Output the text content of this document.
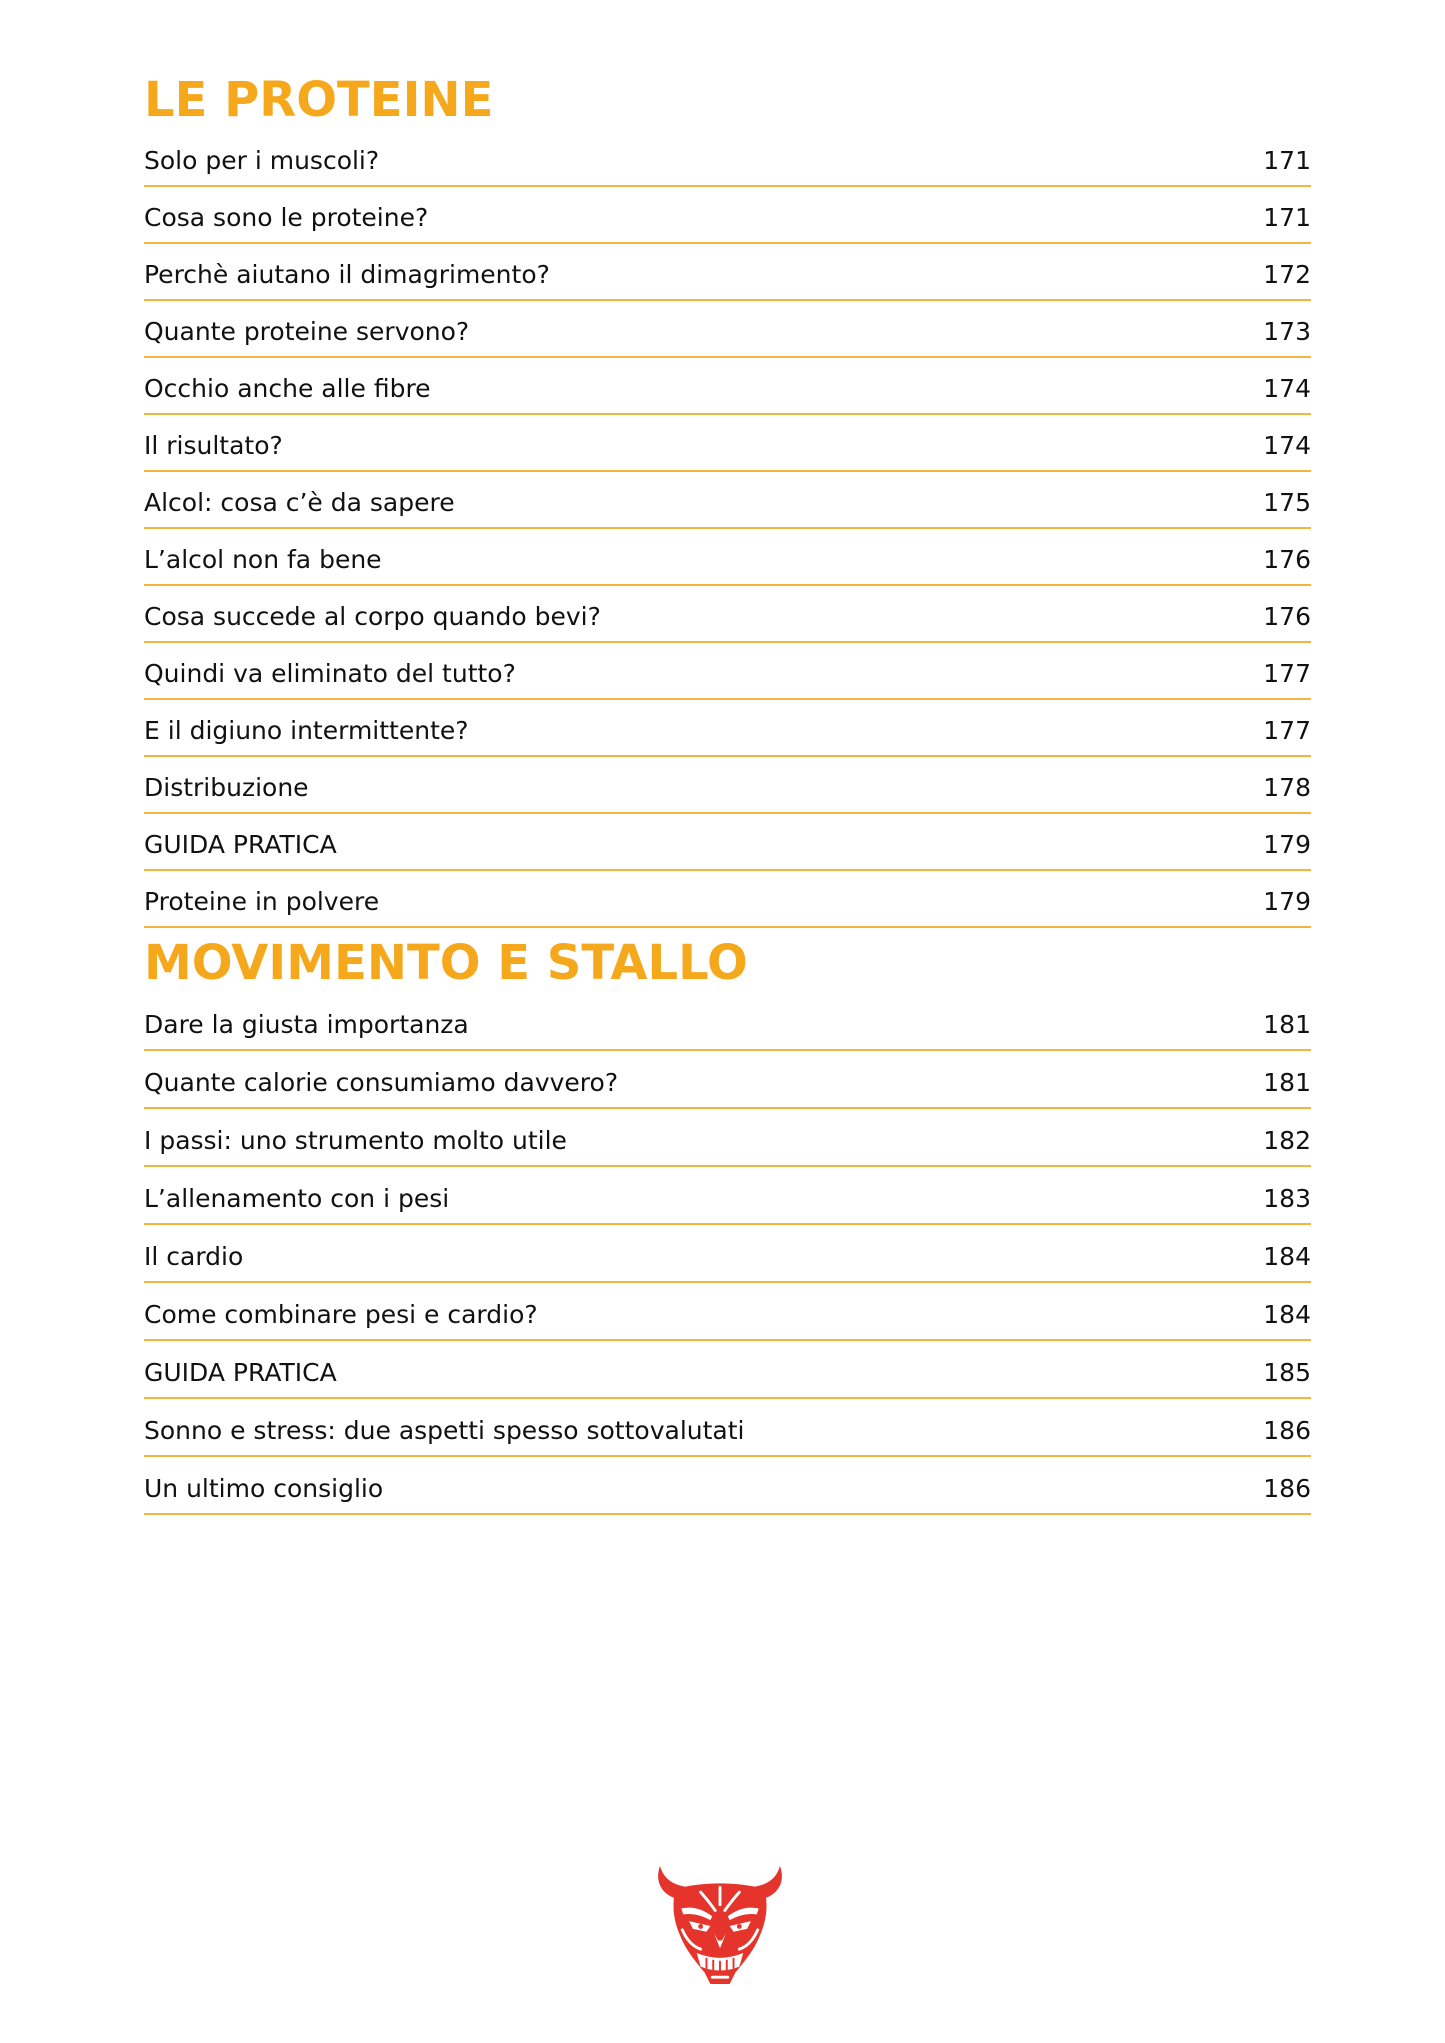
LE PROTEINE
Solo per i muscoli?	171
Cosa sono le proteine?	171
Perchè aiutano il dimagrimento?	172
Quante proteine servono?	173
Occhio anche alle fibre	174
Il risultato?	174
Alcol: cosa c’è da sapere	175
L’alcol non fa bene	176
Cosa succede al corpo quando bevi?	176
Quindi va eliminato del tutto?	177
E il digiuno intermittente?	177
Distribuzione	178
GUIDA PRATICA	179
Proteine in polvere	179
MOVIMENTO E STALLO
Dare la giusta importanza	181
Quante calorie consumiamo davvero?	181
I passi: uno strumento molto utile	182
L’allenamento con i pesi	183
Il cardio	184
Come combinare pesi e cardio?	184
GUIDA PRATICA	185
Sonno e stress: due aspetti spesso sottovalutati	186
Un ultimo consiglio	186
